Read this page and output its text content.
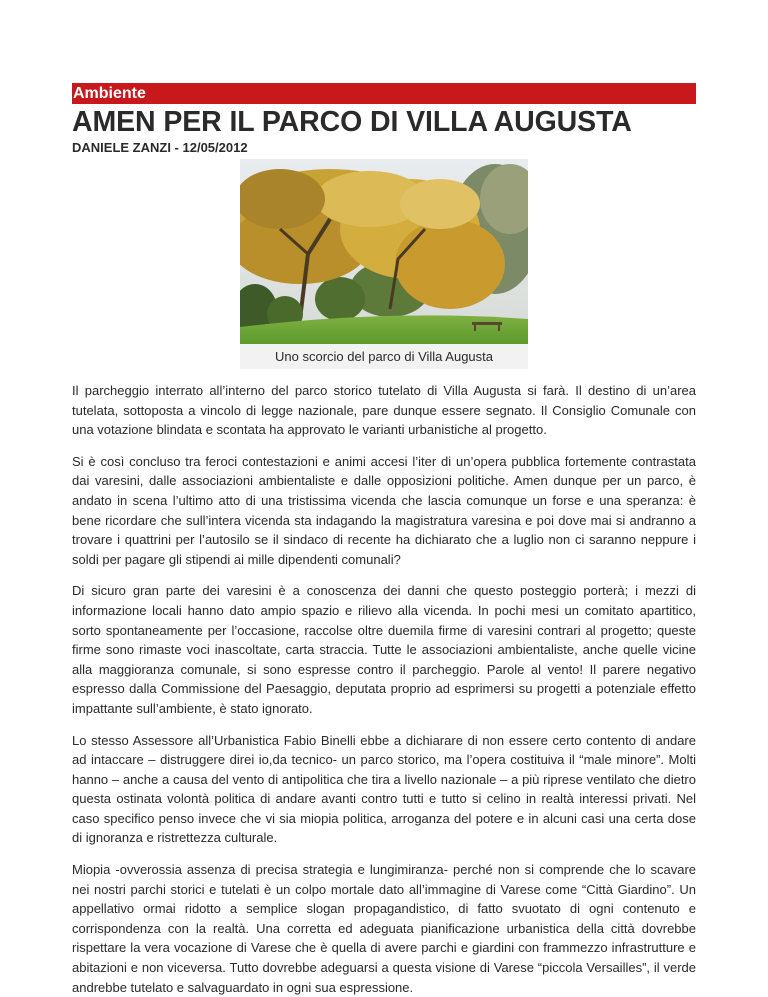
Ambiente
AMEN PER IL PARCO DI VILLA AUGUSTA
DANIELE ZANZI - 12/05/2012
Uno scorcio del parco di Villa Augusta

Il parcheggio interrato all’interno del parco storico tutelato di Villa Augusta si farà. Il destino di un’area tutelata, sottoposta a vincolo di legge nazionale, pare dunque essere segnato. Il Consiglio Comunale con una votazione blindata e scontata ha approvato le varianti urbanistiche al progetto.

Si è così concluso tra feroci contestazioni e animi accesi l’iter di un’opera pubblica fortemente contrastata dai varesini, dalle associazioni ambientaliste e dalle opposizioni politiche. Amen dunque per un parco, è andato in scena l’ultimo atto di una tristissima vicenda che lascia comunque un forse e una speranza: è bene ricordare che sull’intera vicenda sta indagando la magistratura varesina e poi dove mai si andranno a trovare i quattrini per l’autosilo se il sindaco di recente ha dichiarato che a luglio non ci saranno neppure i soldi per pagare gli stipendi ai mille dipendenti comunali?

Di sicuro gran parte dei varesini è a conoscenza dei danni che questo posteggio porterà; i mezzi di informazione locali hanno dato ampio spazio e rilievo alla vicenda. In pochi mesi un comitato apartitico, sorto spontaneamente per l’occasione, raccolse oltre duemila firme di varesini contrari al progetto; queste firme sono rimaste voci inascoltate, carta straccia. Tutte le associazioni ambientaliste, anche quelle vicine alla maggioranza comunale, si sono espresse contro il parcheggio. Parole al vento! Il parere negativo espresso dalla Commissione del Paesaggio, deputata proprio ad esprimersi su progetti a potenziale effetto impattante sull’ambiente, è stato ignorato.

Lo stesso Assessore all’Urbanistica Fabio Binelli ebbe a dichiarare di non essere certo contento di andare ad intaccare – distruggere direi io,da tecnico- un parco storico, ma l’opera costituiva il “male minore”. Molti hanno – anche a causa del vento di antipolitica che tira a livello nazionale – a più riprese ventilato che dietro questa ostinata volontà politica di andare avanti contro tutti e tutto si celino in realtà interessi privati. Nel caso specifico penso invece che vi sia miopia politica, arroganza del potere e in alcuni casi una certa dose di ignoranza e ristrettezza culturale.

Miopia -ovverossia assenza di precisa strategia e lungimiranza- perché non si comprende che lo scavare nei nostri parchi storici e tutelati è un colpo mortale dato all’immagine di Varese come “Città Giardino”. Un appellativo ormai ridotto a semplice slogan propagandistico, di fatto svuotato di ogni contenuto e corrispondenza con la realtà. Una corretta ed adeguata pianificazione urbanistica della città dovrebbe rispettare la vera vocazione di Varese che è quella di avere parchi e giardini con frammezzo infrastrutture e abitazioni e non viceversa. Tutto dovrebbe adeguarsi a questa visione di Varese “piccola Versailles”, il verde andrebbe tutelato e salvaguardato in ogni sua espressione.
